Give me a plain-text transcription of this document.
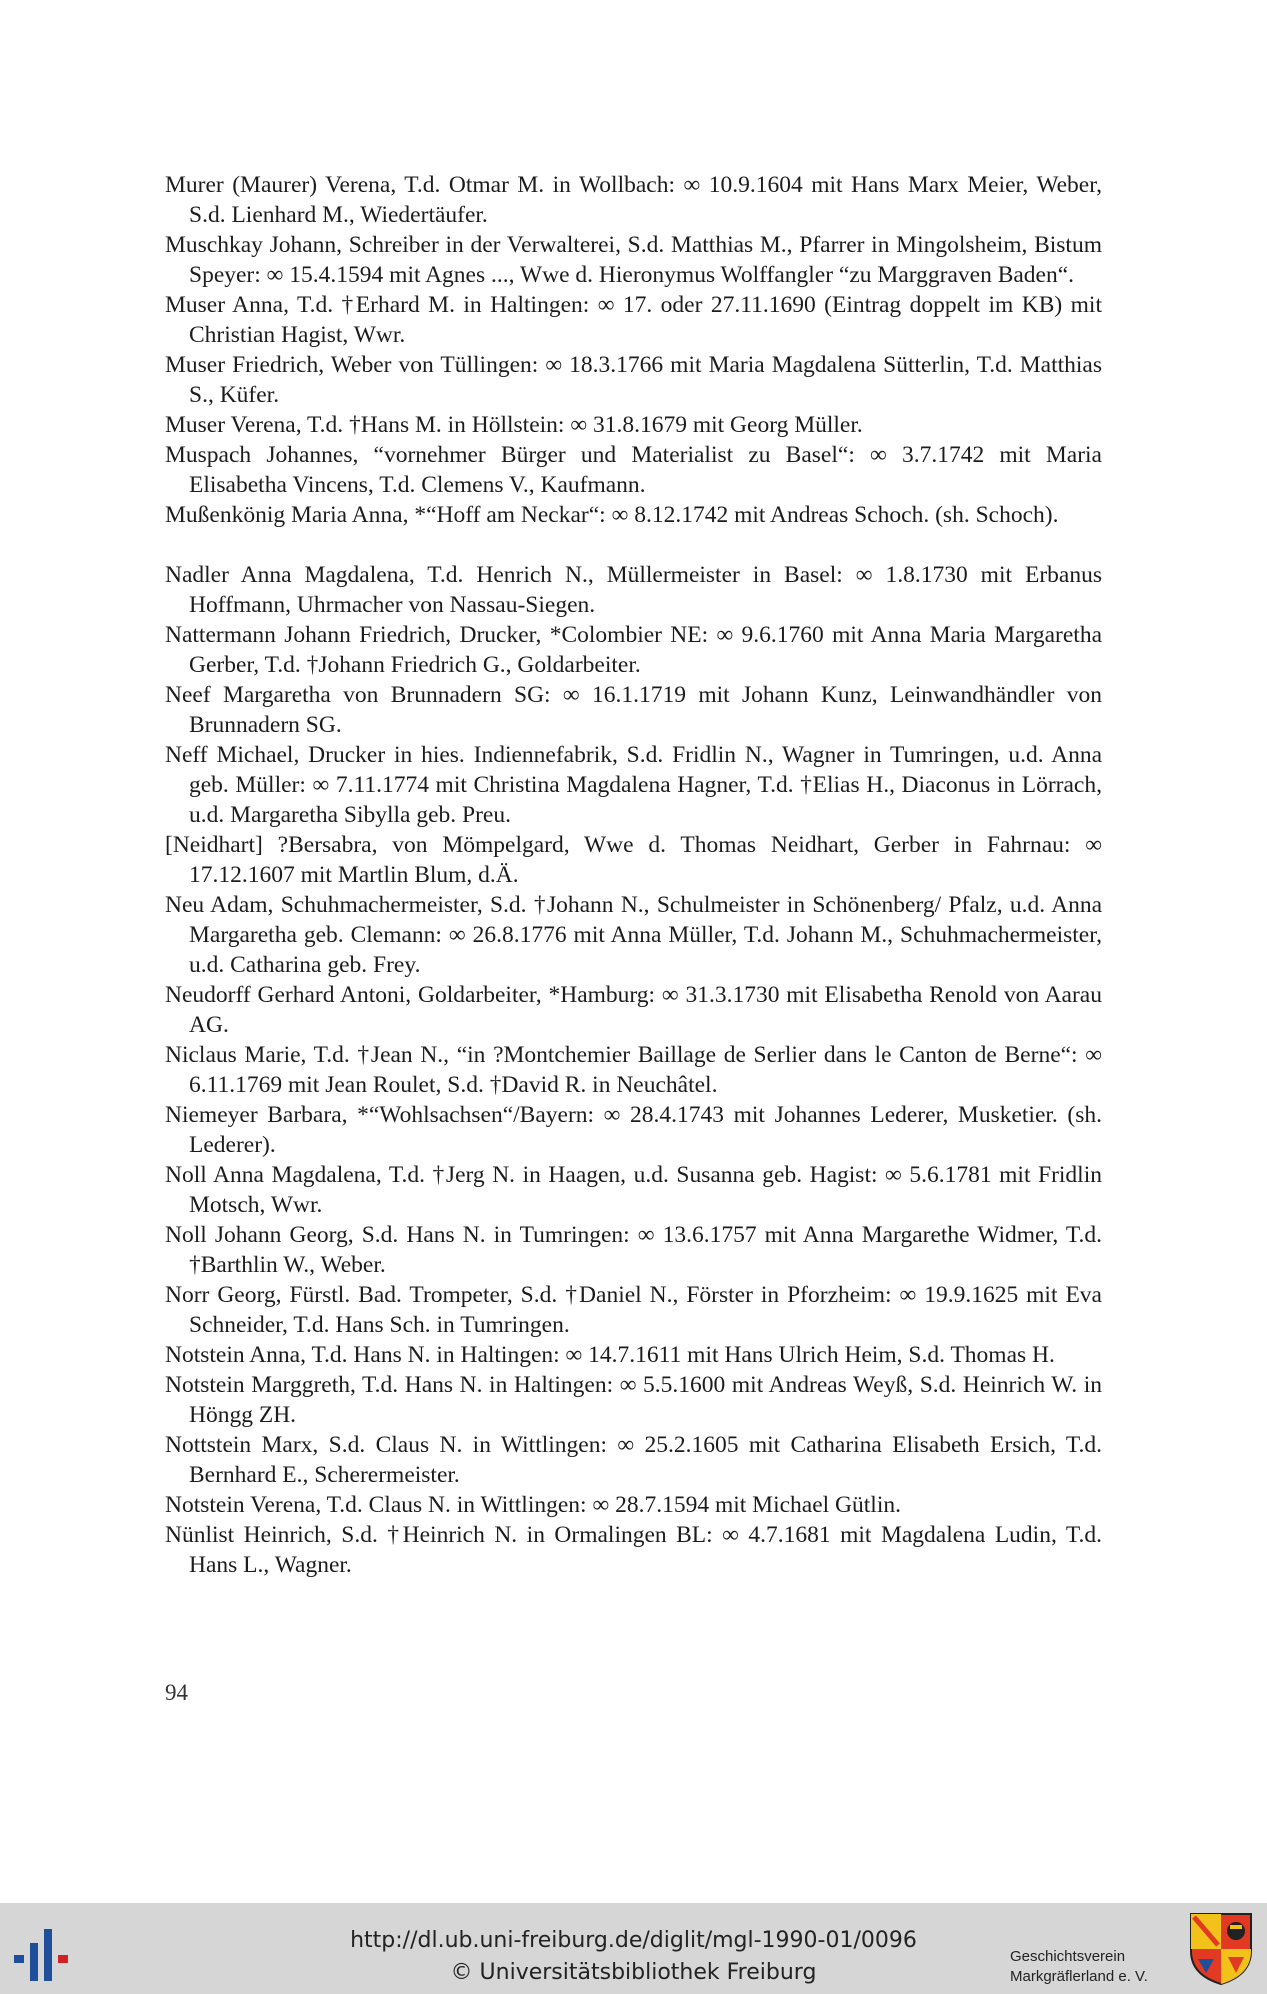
Murer (Maurer) Verena, T.d. Otmar M. in Wollbach: ∞ 10.9.1604 mit Hans Marx Meier, Weber, S.d. Lienhard M., Wiedertäufer.

Muschkay Johann, Schreiber in der Verwalterei, S.d. Matthias M., Pfarrer in Mingolsheim, Bistum Speyer: ∞ 15.4.1594 mit Agnes ..., Wwe d. Hieronymus Wolffangler “zu Marggraven Baden“.

Muser Anna, T.d. †Erhard M. in Haltingen: ∞ 17. oder 27.11.1690 (Eintrag doppelt im KB) mit Christian Hagist, Wwr.

Muser Friedrich, Weber von Tüllingen: ∞ 18.3.1766 mit Maria Magdalena Sütterlin, T.d. Matthias S., Küfer.

Muser Verena, T.d. †Hans M. in Höllstein: ∞ 31.8.1679 mit Georg Müller.

Muspach Johannes, “vornehmer Bürger und Materialist zu Basel“: ∞ 3.7.1742 mit Maria Elisabetha Vincens, T.d. Clemens V., Kaufmann.

Mußenkönig Maria Anna, *“Hoff am Neckar“: ∞ 8.12.1742 mit Andreas Schoch. (sh. Schoch).

Nadler Anna Magdalena, T.d. Henrich N., Müllermeister in Basel: ∞ 1.8.1730 mit Erbanus Hoffmann, Uhrmacher von Nassau-Siegen.

Nattermann Johann Friedrich, Drucker, *Colombier NE: ∞ 9.6.1760 mit Anna Maria Margaretha Gerber, T.d. †Johann Friedrich G., Goldarbeiter.

Neef Margaretha von Brunnadern SG: ∞ 16.1.1719 mit Johann Kunz, Leinwandhändler von Brunnadern SG.

Neff Michael, Drucker in hies. Indiennefabrik, S.d. Fridlin N., Wagner in Tumringen, u.d. Anna geb. Müller: ∞ 7.11.1774 mit Christina Magdalena Hagner, T.d. †Elias H., Diaconus in Lörrach, u.d. Margaretha Sibylla geb. Preu.

[Neidhart] ?Bersabra, von Mömpelgard, Wwe d. Thomas Neidhart, Gerber in Fahrnau: ∞ 17.12.1607 mit Martlin Blum, d.Ä.

Neu Adam, Schuhmachermeister, S.d. †Johann N., Schulmeister in Schönenberg/ Pfalz, u.d. Anna Margaretha geb. Clemann: ∞ 26.8.1776 mit Anna Müller, T.d. Johann M., Schuhmachermeister, u.d. Catharina geb. Frey.

Neudorff Gerhard Antoni, Goldarbeiter, *Hamburg: ∞ 31.3.1730 mit Elisabetha Renold von Aarau AG.

Niclaus Marie, T.d. †Jean N., “in ?Montchemier Baillage de Serlier dans le Canton de Berne“: ∞ 6.11.1769 mit Jean Roulet, S.d. †David R. in Neuchâtel.

Niemeyer Barbara, *“Wohlsachsen“/Bayern: ∞ 28.4.1743 mit Johannes Lederer, Musketier. (sh. Lederer).

Noll Anna Magdalena, T.d. †Jerg N. in Haagen, u.d. Susanna geb. Hagist: ∞ 5.6.1781 mit Fridlin Motsch, Wwr.

Noll Johann Georg, S.d. Hans N. in Tumringen: ∞ 13.6.1757 mit Anna Margarethe Widmer, T.d. †Barthlin W., Weber.

Norr Georg, Fürstl. Bad. Trompeter, S.d. †Daniel N., Förster in Pforzheim: ∞ 19.9.1625 mit Eva Schneider, T.d. Hans Sch. in Tumringen.

Notstein Anna, T.d. Hans N. in Haltingen: ∞ 14.7.1611 mit Hans Ulrich Heim, S.d. Thomas H.

Notstein Marggreth, T.d. Hans N. in Haltingen: ∞ 5.5.1600 mit Andreas Weyß, S.d. Heinrich W. in Höngg ZH.

Nottstein Marx, S.d. Claus N. in Wittlingen: ∞ 25.2.1605 mit Catharina Elisabeth Ersich, T.d. Bernhard E., Scherermeister.

Notstein Verena, T.d. Claus N. in Wittlingen: ∞ 28.7.1594 mit Michael Gütlin.

Nünlist Heinrich, S.d. †Heinrich N. in Ormalingen BL: ∞ 4.7.1681 mit Magdalena Ludin, T.d. Hans L., Wagner.

94
http://dl.ub.uni-freiburg.de/diglit/mgl-1990-01/0096
© Universitätsbibliothek Freiburg
Geschichtsverein
Markgräflerland e. V.
